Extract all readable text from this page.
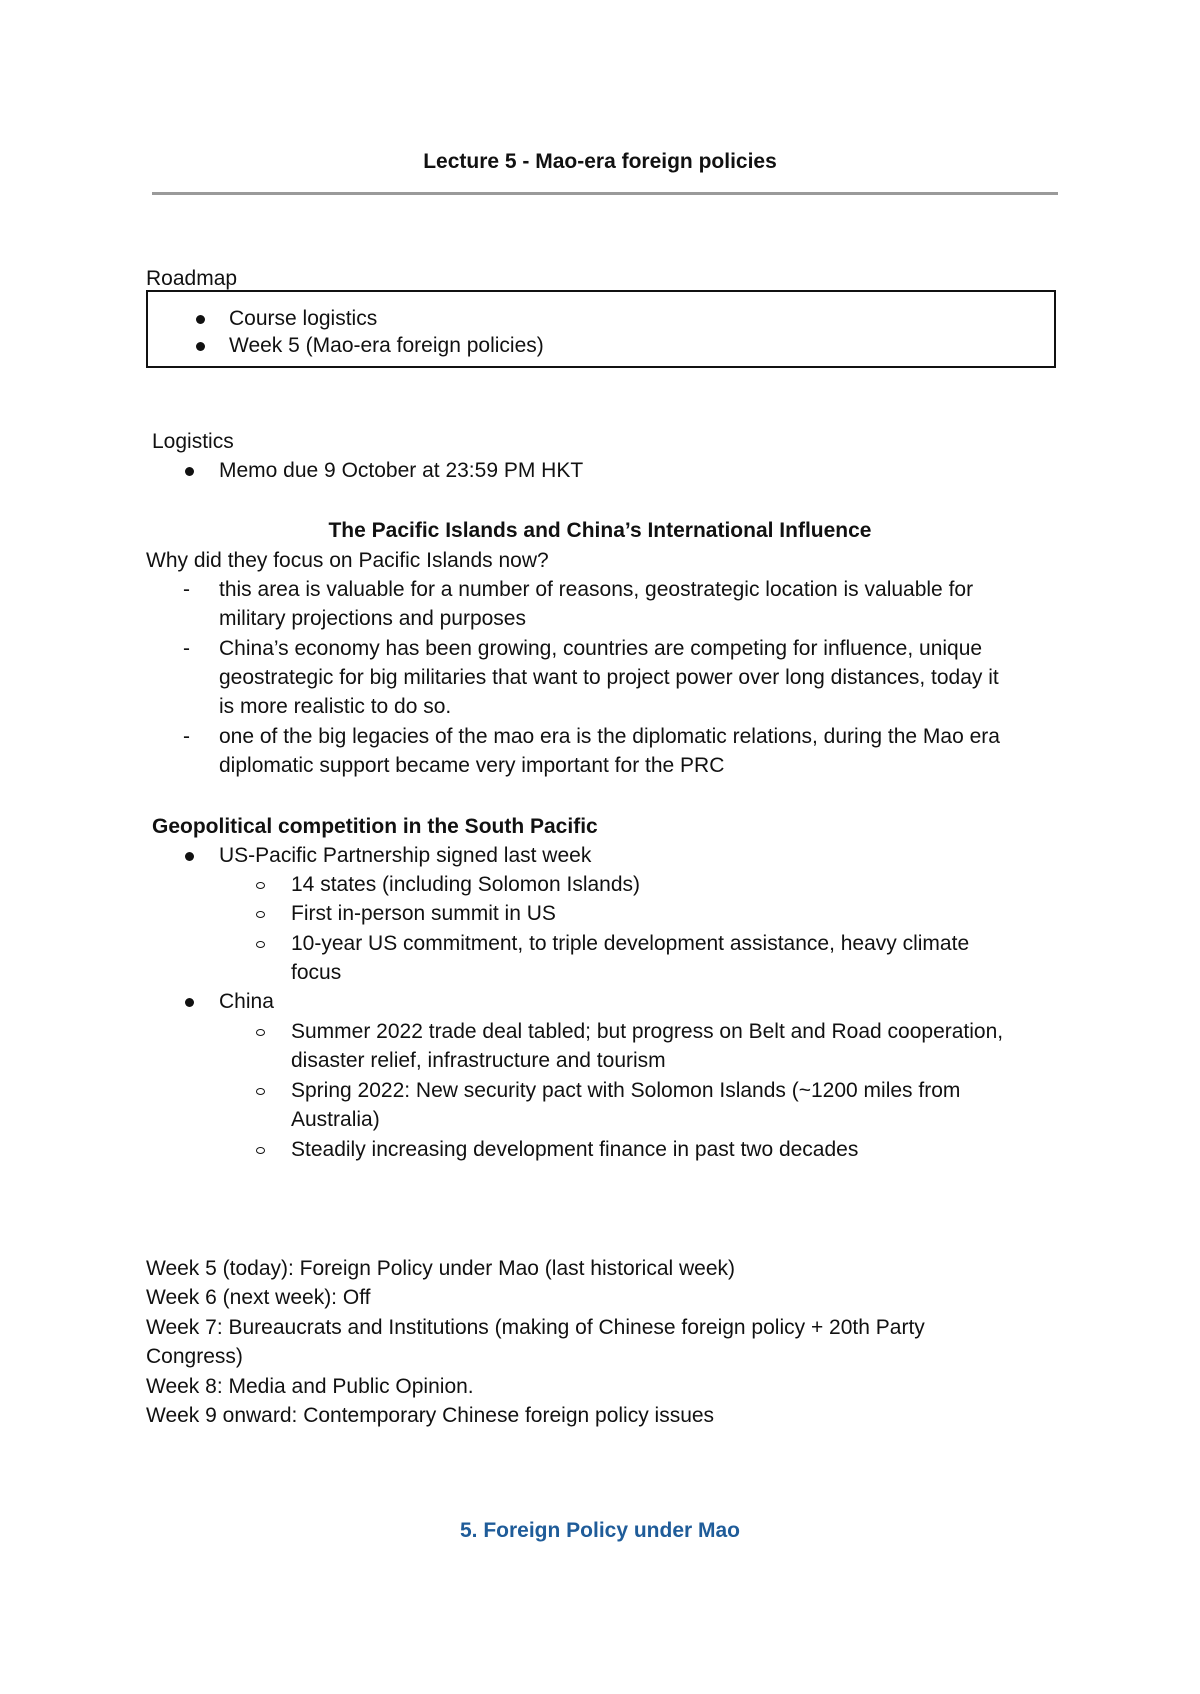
Lecture 5 - Mao-era foreign policies
Roadmap
Course logistics
Week 5 (Mao-era foreign policies)
Logistics
Memo due 9 October at 23:59 PM HKT
The Pacific Islands and China’s International Influence
Why did they focus on Pacific Islands now?
- this area is valuable for a number of reasons, geostrategic location is valuable for
military projections and purposes
- China’s economy has been growing, countries are competing for influence, unique
geostrategic for big militaries that want to project power over long distances, today it
is more realistic to do so.
- one of the big legacies of the mao era is the diplomatic relations, during the Mao era
diplomatic support became very important for the PRC
Geopolitical competition in the South Pacific
US-Pacific Partnership signed last week
14 states (including Solomon Islands)
First in-person summit in US
10-year US commitment, to triple development assistance, heavy climate
focus
China
Summer 2022 trade deal tabled; but progress on Belt and Road cooperation,
disaster relief, infrastructure and tourism
Spring 2022: New security pact with Solomon Islands (~1200 miles from
Australia)
Steadily increasing development finance in past two decades
Week 5 (today): Foreign Policy under Mao (last historical week)
Week 6 (next week): Off
Week 7: Bureaucrats and Institutions (making of Chinese foreign policy + 20th Party
Congress)
Week 8: Media and Public Opinion.
Week 9 onward: Contemporary Chinese foreign policy issues
5. Foreign Policy under Mao
